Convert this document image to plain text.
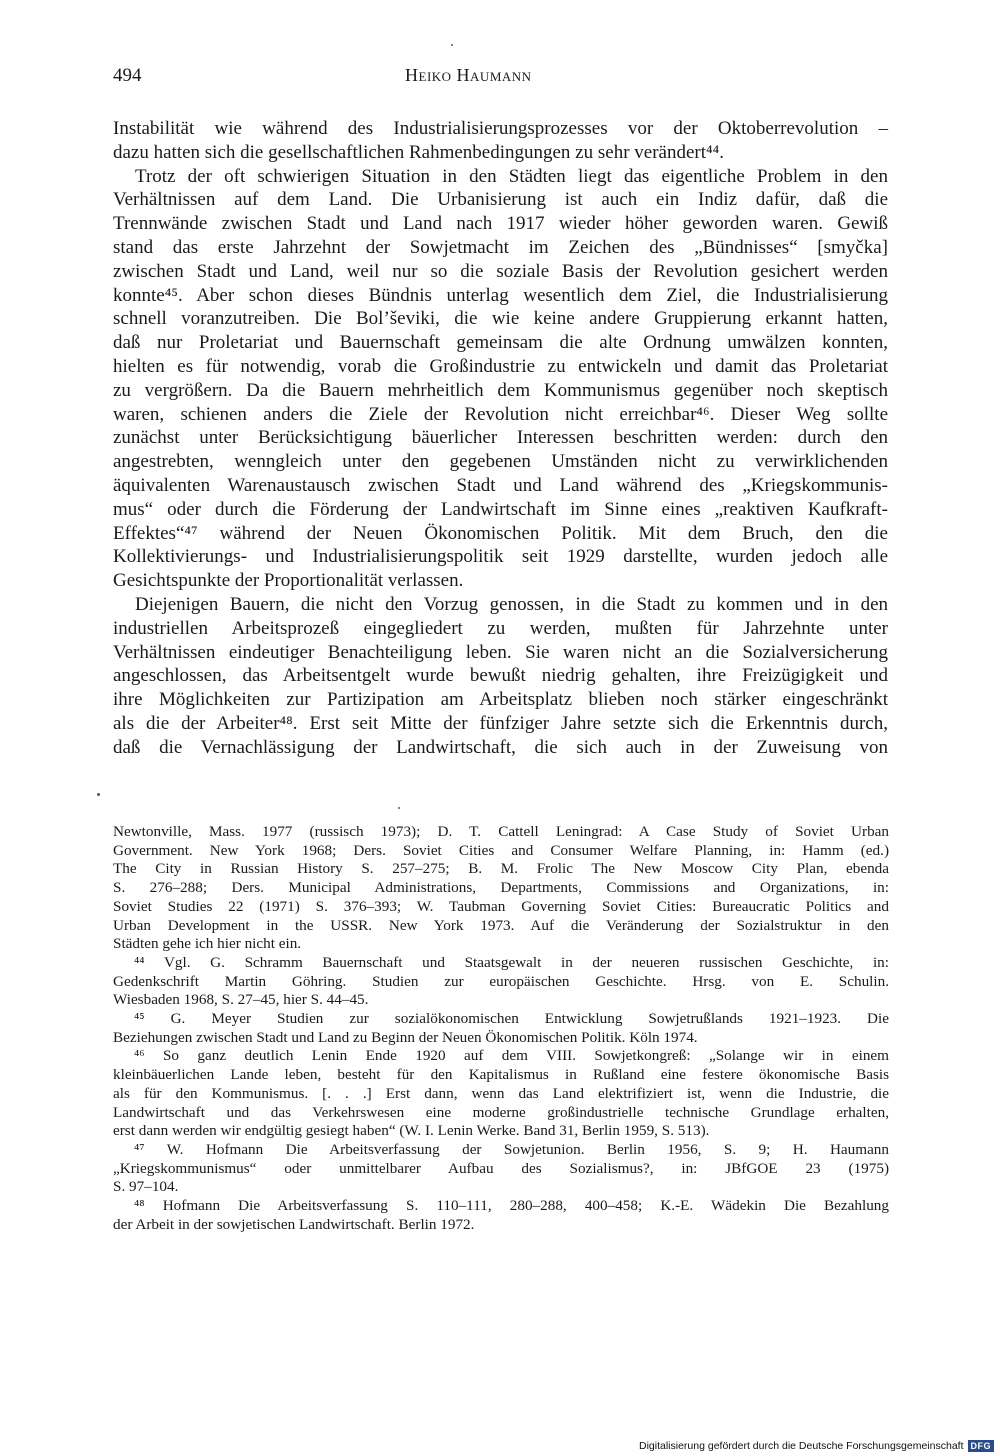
494	Heiko Haumann
Instabilität wie während des Industrialisierungsprozesses vor der Oktoberrevolution –
dazu hatten sich die gesellschaftlichen Rahmenbedingungen zu sehr verändert⁴⁴.
Trotz der oft schwierigen Situation in den Städten liegt das eigentliche Problem in den
Verhältnissen auf dem Land. Die Urbanisierung ist auch ein Indiz dafür, daß die
Trennwände zwischen Stadt und Land nach 1917 wieder höher geworden waren. Gewiß
stand das erste Jahrzehnt der Sowjetmacht im Zeichen des „Bündnisses“ [smyčka]
zwischen Stadt und Land, weil nur so die soziale Basis der Revolution gesichert werden
konnte⁴⁵. Aber schon dieses Bündnis unterlag wesentlich dem Ziel, die Industrialisierung
schnell voranzutreiben. Die Bol’ševiki, die wie keine andere Gruppierung erkannt hatten,
daß nur Proletariat und Bauernschaft gemeinsam die alte Ordnung umwälzen konnten,
hielten es für notwendig, vorab die Großindustrie zu entwickeln und damit das Proletariat
zu vergrößern. Da die Bauern mehrheitlich dem Kommunismus gegenüber noch skeptisch
waren, schienen anders die Ziele der Revolution nicht erreichbar⁴⁶. Dieser Weg sollte
zunächst unter Berücksichtigung bäuerlicher Interessen beschritten werden: durch den
angestrebten, wenngleich unter den gegebenen Umständen nicht zu verwirklichenden
äquivalenten Warenaustausch zwischen Stadt und Land während des „Kriegskommunis-
mus“ oder durch die Förderung der Landwirtschaft im Sinne eines „reaktiven Kaufkraft-
Effektes“⁴⁷ während der Neuen Ökonomischen Politik. Mit dem Bruch, den die
Kollektivierungs- und Industrialisierungspolitik seit 1929 darstellte, wurden jedoch alle
Gesichtspunkte der Proportionalität verlassen.
Diejenigen Bauern, die nicht den Vorzug genossen, in die Stadt zu kommen und in den
industriellen Arbeitsprozeß eingegliedert zu werden, mußten für Jahrzehnte unter
Verhältnissen eindeutiger Benachteiligung leben. Sie waren nicht an die Sozialversicherung
angeschlossen, das Arbeitsentgelt wurde bewußt niedrig gehalten, ihre Freizügigkeit und
ihre Möglichkeiten zur Partizipation am Arbeitsplatz blieben noch stärker eingeschränkt
als die der Arbeiter⁴⁸. Erst seit Mitte der fünfziger Jahre setzte sich die Erkenntnis durch,
daß die Vernachlässigung der Landwirtschaft, die sich auch in der Zuweisung von
Newtonville, Mass. 1977 (russisch 1973); D. T. Cattell Leningrad: A Case Study of Soviet Urban
Government. New York 1968; Ders. Soviet Cities and Consumer Welfare Planning, in: Hamm (ed.)
The City in Russian History S. 257–275; B. M. Frolic The New Moscow City Plan, ebenda
S. 276–288; Ders. Municipal Administrations, Departments, Commissions and Organizations, in:
Soviet Studies 22 (1971) S. 376–393; W. Taubman Governing Soviet Cities: Bureaucratic Politics and
Urban Development in the USSR. New York 1973. Auf die Veränderung der Sozialstruktur in den
Städten gehe ich hier nicht ein.
⁴⁴ Vgl. G. Schramm Bauernschaft und Staatsgewalt in der neueren russischen Geschichte, in:
Gedenkschrift Martin Göhring. Studien zur europäischen Geschichte. Hrsg. von E. Schulin.
Wiesbaden 1968, S. 27–45, hier S. 44–45.
⁴⁵ G. Meyer Studien zur sozialökonomischen Entwicklung Sowjetrußlands 1921–1923. Die
Beziehungen zwischen Stadt und Land zu Beginn der Neuen Ökonomischen Politik. Köln 1974.
⁴⁶ So ganz deutlich Lenin Ende 1920 auf dem VIII. Sowjetkongreß: „Solange wir in einem
kleinbäuerlichen Lande leben, besteht für den Kapitalismus in Rußland eine festere ökonomische Basis
als für den Kommunismus. [. . .] Erst dann, wenn das Land elektrifiziert ist, wenn die Industrie, die
Landwirtschaft und das Verkehrswesen eine moderne großindustrielle technische Grundlage erhalten,
erst dann werden wir endgültig gesiegt haben“ (W. I. Lenin Werke. Band 31, Berlin 1959, S. 513).
⁴⁷ W. Hofmann Die Arbeitsverfassung der Sowjetunion. Berlin 1956, S. 9; H. Haumann
„Kriegskommunismus“ oder unmittelbarer Aufbau des Sozialismus?, in: JBfGOE 23 (1975)
S. 97–104.
⁴⁸ Hofmann Die Arbeitsverfassung S. 110–111, 280–288, 400–458; K.-E. Wädekin Die Bezahlung
der Arbeit in der sowjetischen Landwirtschaft. Berlin 1972.
Digitalisierung gefördert durch die Deutsche Forschungsgemeinschaft DFG
